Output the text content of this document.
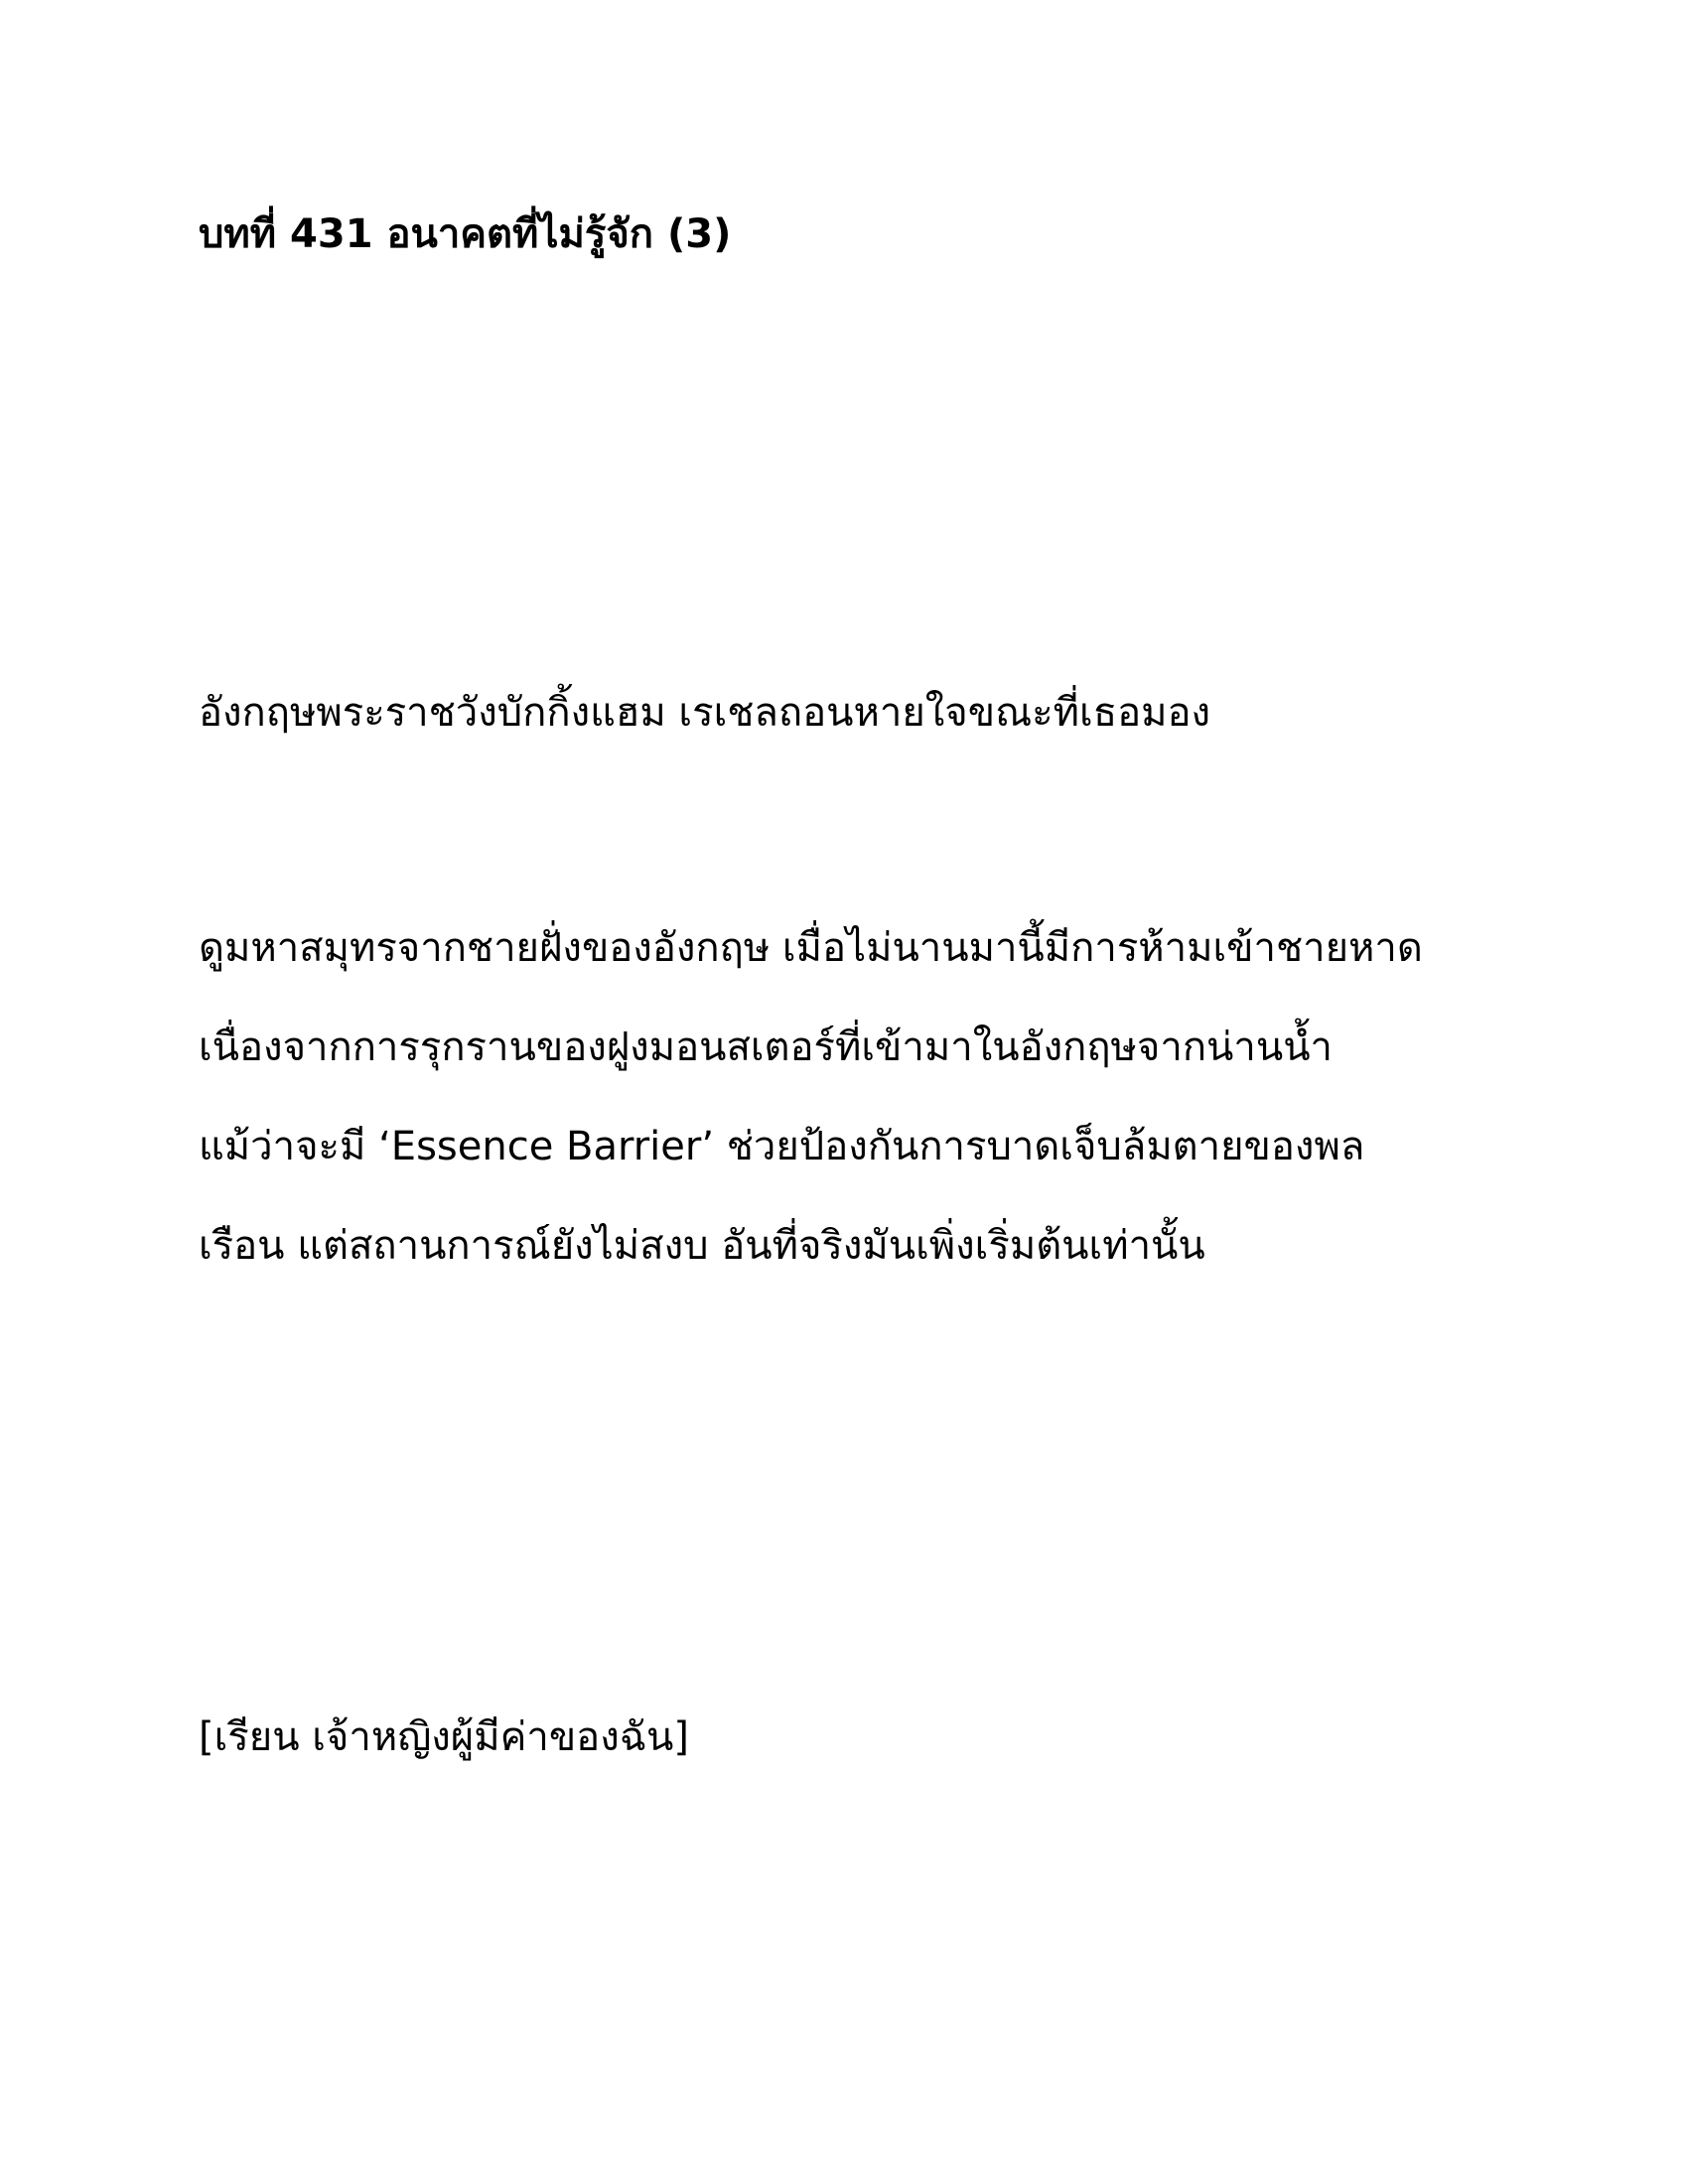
บทที่ 431 อนาคตที่ไม่รู้จัก (3)

อังกฤษพระราชวังบักกิ้งแฮม เรเชลถอนหายใจขณะที่เธอมอง

ดูมหาสมุทรจากชายฝั่งของอังกฤษ เมื่อไม่นานมานี้มีการห้ามเข้าชายหาด
เนื่องจากการรุกรานของฝูงมอนสเตอร์ที่เข้ามาในอังกฤษจากน่านน้ำ
แม้ว่าจะมี ‘Essence Barrier’ ช่วยป้องกันการบาดเจ็บล้มตายของพล
เรือน แต่สถานการณ์ยังไม่สงบ อันที่จริงมันเพิ่งเริ่มต้นเท่านั้น

[เรียน เจ้าหญิงผู้มีค่าของฉัน]
